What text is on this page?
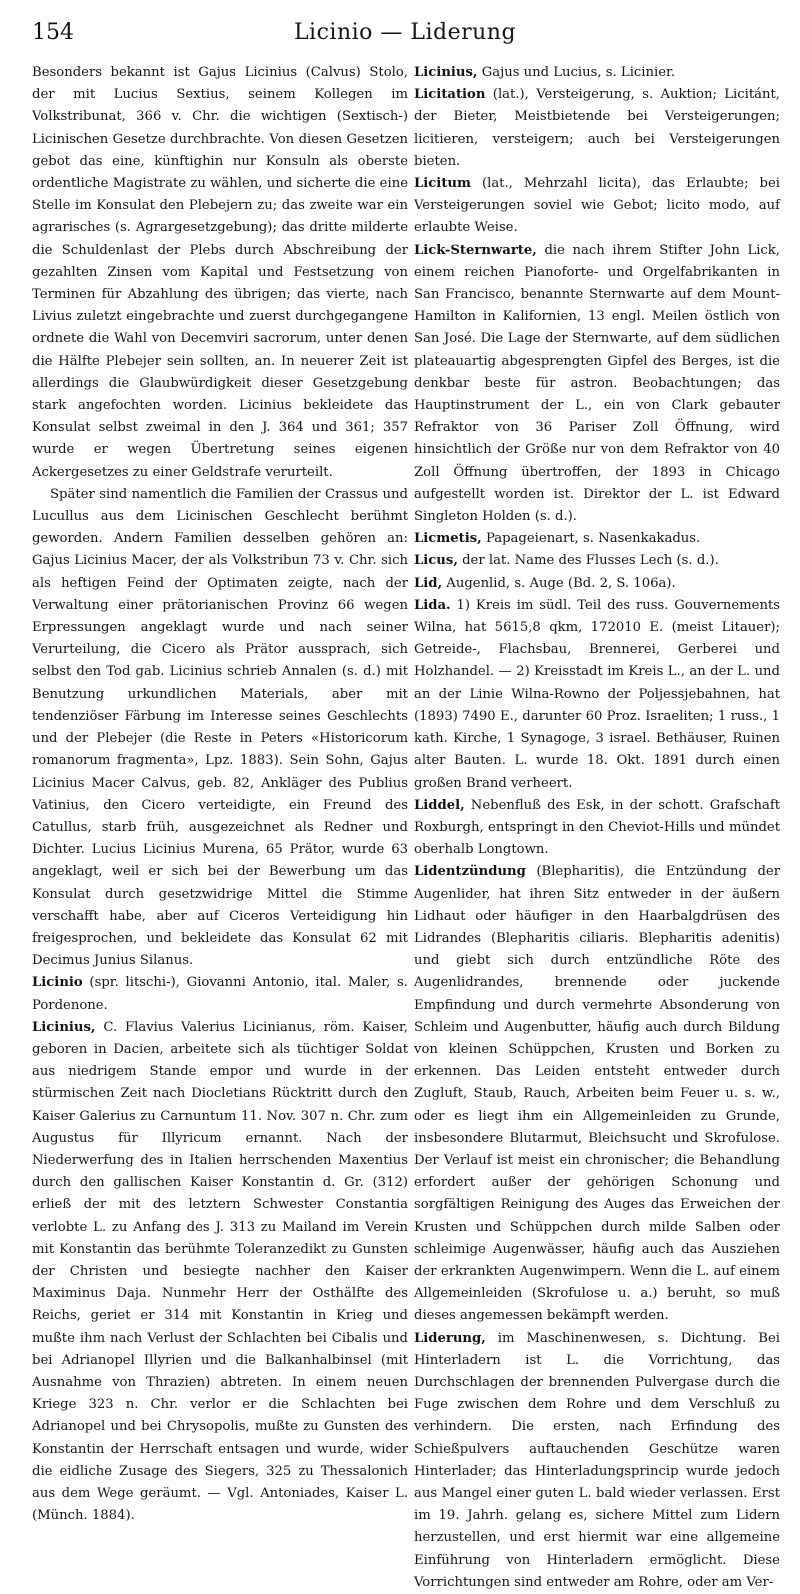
154	Licinio — Liderung

Besonders bekannt ist Gajus Licinius (Calvus) Stolo, der mit Lucius Sextius, seinem Kollegen im Volkstribunat, 366 v. Chr. die wichtigen (Sextisch-) Licinischen Gesetze durchbrachte. Von diesen Gesetzen gebot das eine, künftighin nur Konsuln als oberste ordentliche Magistrate zu wählen, und sicherte die eine Stelle im Konsulat den Plebejern zu; das zweite war ein agrarisches (s. Agrargesetzgebung); das dritte milderte die Schuldenlast der Plebs durch Abschreibung der gezahlten Zinsen vom Kapital und Festsetzung von Terminen für Abzahlung des übrigen; das vierte, nach Livius zuletzt eingebrachte und zuerst durchgegangene ordnete die Wahl von Decemviri sacrorum, unter denen die Hälfte Plebejer sein sollten, an. In neuerer Zeit ist allerdings die Glaubwürdigkeit dieser Gesetzgebung stark angefochten worden. Licinius bekleidete das Konsulat selbst zweimal in den J. 364 und 361; 357 wurde er wegen Übertretung seines eigenen Ackergesetzes zu einer Geldstrafe verurteilt.

Später sind namentlich die Familien der Crassus und Lucullus aus dem Licinischen Geschlecht berühmt geworden. Andern Familien desselben gehören an: Gajus Licinius Macer, der als Volkstribun 73 v. Chr. sich als heftigen Feind der Optimaten zeigte, nach der Verwaltung einer prätorianischen Provinz 66 wegen Erpressungen angeklagt wurde und nach seiner Verurteilung, die Cicero als Prätor aussprach, sich selbst den Tod gab. Licinius schrieb Annalen (s. d.) mit Benutzung urkundlichen Materials, aber mit tendenziöser Färbung im Interesse seines Geschlechts und der Plebejer (die Reste in Peters «Historicorum romanorum fragmenta», Lpz. 1883). Sein Sohn, Gajus Licinius Macer Calvus, geb. 82, Ankläger des Publius Vatinius, den Cicero verteidigte, ein Freund des Catullus, starb früh, ausgezeichnet als Redner und Dichter. Lucius Licinius Murena, 65 Prätor, wurde 63 angeklagt, weil er sich bei der Bewerbung um das Konsulat durch gesetzwidrige Mittel die Stimme verschafft habe, aber auf Ciceros Verteidigung hin freigesprochen, und bekleidete das Konsulat 62 mit Decimus Junius Silanus.

Licinio (spr. litschi-), Giovanni Antonio, ital. Maler, s. Pordenone.

Licinius, C. Flavius Valerius Licinianus, röm. Kaiser, geboren in Dacien, arbeitete sich als tüchtiger Soldat aus niedrigem Stande empor und wurde in der stürmischen Zeit nach Diocletians Rücktritt durch den Kaiser Galerius zu Carnuntum 11. Nov. 307 n. Chr. zum Augustus für Illyricum ernannt. Nach der Niederwerfung des in Italien herrschenden Maxentius durch den gallischen Kaiser Konstantin d. Gr. (312) erließ der mit des letztern Schwester Constantia verlobte L. zu Anfang des J. 313 zu Mailand im Verein mit Konstantin das berühmte Toleranzedikt zu Gunsten der Christen und besiegte nachher den Kaiser Maximinus Daja. Nunmehr Herr der Osthälfte des Reichs, geriet er 314 mit Konstantin in Krieg und mußte ihm nach Verlust der Schlachten bei Cibalis und bei Adrianopel Illyrien und die Balkanhalbinsel (mit Ausnahme von Thrazien) abtreten. In einem neuen Kriege 323 n. Chr. verlor er die Schlachten bei Adrianopel und bei Chrysopolis, mußte zu Gunsten des Konstantin der Herrschaft entsagen und wurde, wider die eidliche Zusage des Siegers, 325 zu Thessalonich aus dem Wege geräumt. — Vgl. Antoniades, Kaiser L. (Münch. 1884).

Licinius, Gajus und Lucius, s. Licinier.

Licitation (lat.), Versteigerung, s. Auktion; Licitánt, der Bieter, Meistbietende bei Versteigerungen; licitieren, versteigern; auch bei Versteigerungen bieten.

Licitum (lat., Mehrzahl licita), das Erlaubte; bei Versteigerungen soviel wie Gebot; licito modo, auf erlaubte Weise.

Lick-Sternwarte, die nach ihrem Stifter John Lick, einem reichen Pianoforte- und Orgelfabrikanten in San Francisco, benannte Sternwarte auf dem Mount-Hamilton in Kalifornien, 13 engl. Meilen östlich von San José. Die Lage der Sternwarte, auf dem südlichen plateauartig abgesprengten Gipfel des Berges, ist die denkbar beste für astron. Beobachtungen; das Hauptinstrument der L., ein von Clark gebauter Refraktor von 36 Pariser Zoll Öffnung, wird hinsichtlich der Größe nur von dem Refraktor von 40 Zoll Öffnung übertroffen, der 1893 in Chicago aufgestellt worden ist. Direktor der L. ist Edward Singleton Holden (s. d.).

Licmetis, Papageienart, s. Nasenkakadus.

Licus, der lat. Name des Flusses Lech (s. d.).

Lid, Augenlid, s. Auge (Bd. 2, S. 106a).

Lida. 1) Kreis im südl. Teil des russ. Gouvernements Wilna, hat 5615,8 qkm, 172010 E. (meist Litauer); Getreide-, Flachsbau, Brennerei, Gerberei und Holzhandel. — 2) Kreisstadt im Kreis L., an der L. und an der Linie Wilna-Rowno der Poljessjebahnen, hat (1893) 7490 E., darunter 60 Proz. Israeliten; 1 russ., 1 kath. Kirche, 1 Synagoge, 3 israel. Bethäuser, Ruinen alter Bauten. L. wurde 18. Okt. 1891 durch einen großen Brand verheert.

Liddel, Nebenfluß des Esk, in der schott. Grafschaft Roxburgh, entspringt in den Cheviot-Hills und mündet oberhalb Longtown.

Lidentzündung (Blepharitis), die Entzündung der Augenlider, hat ihren Sitz entweder in der äußern Lidhaut oder häufiger in den Haarbalgdrüsen des Lidrandes (Blepharitis ciliaris. Blepharitis adenitis) und giebt sich durch entzündliche Röte des Augenlidrandes, brennende oder juckende Empfindung und durch vermehrte Absonderung von Schleim und Augenbutter, häufig auch durch Bildung von kleinen Schüppchen, Krusten und Borken zu erkennen. Das Leiden entsteht entweder durch Zugluft, Staub, Rauch, Arbeiten beim Feuer u. s. w., oder es liegt ihm ein Allgemeinleiden zu Grunde, insbesondere Blutarmut, Bleichsucht und Skrofulose. Der Verlauf ist meist ein chronischer; die Behandlung erfordert außer der gehörigen Schonung und sorgfältigen Reinigung des Auges das Erweichen der Krusten und Schüppchen durch milde Salben oder schleimige Augenwässer, häufig auch das Ausziehen der erkrankten Augenwimpern. Wenn die L. auf einem Allgemeinleiden (Skrofulose u. a.) beruht, so muß dieses angemessen bekämpft werden.

Liderung, im Maschinenwesen, s. Dichtung. Bei Hinterladern ist L. die Vorrichtung, das Durchschlagen der brennenden Pulvergase durch die Fuge zwischen dem Rohre und dem Verschluß zu verhindern. Die ersten, nach Erfindung des Schießpulvers auftauchenden Geschütze waren Hinterlader; das Hinterladungsprincip wurde jedoch aus Mangel einer guten L. bald wieder verlassen. Erst im 19. Jahrh. gelang es, sichere Mittel zum Lidern herzustellen, und erst hiermit war eine allgemeine Einführung von Hinterladern ermöglicht. Diese Vorrichtungen sind entweder am Rohre, oder am Ver-
